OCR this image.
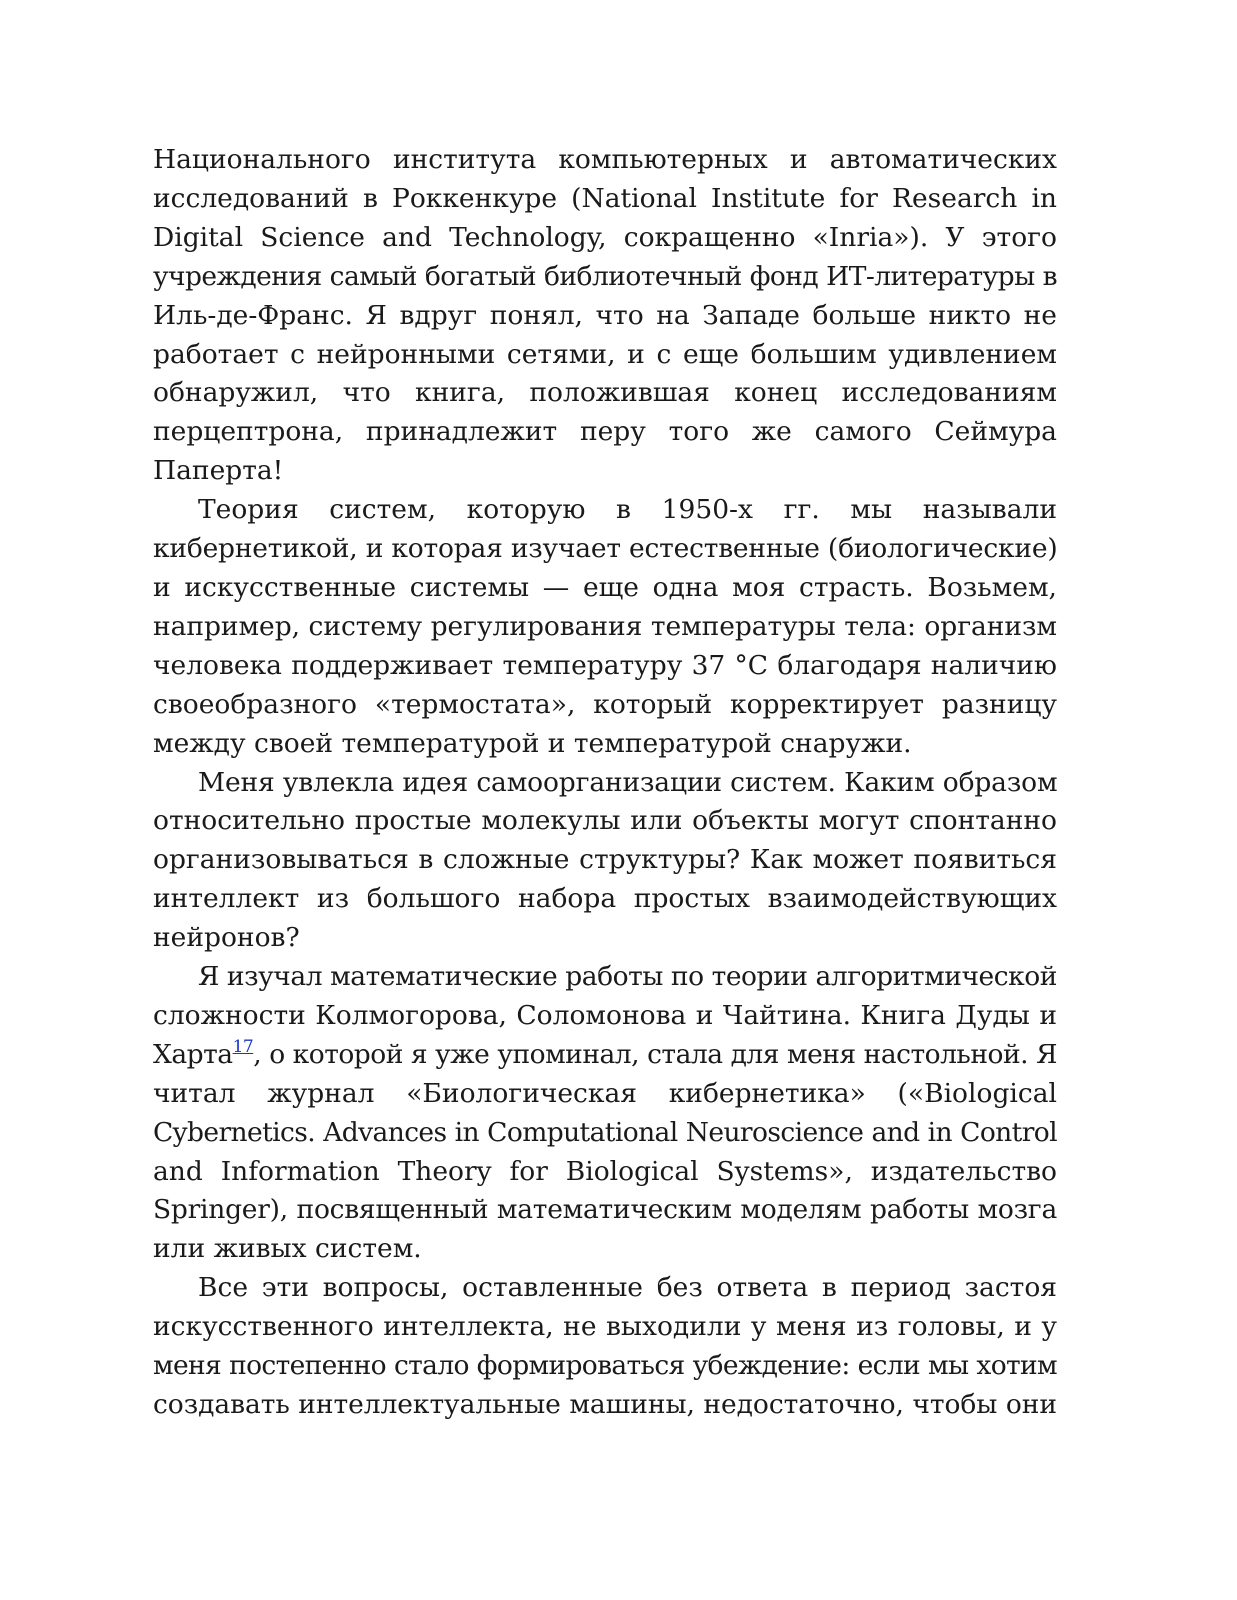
Национального института компьютерных и автоматических
исследований в Роккенкуре (National Institute for Research in
Digital Science and Technology, сокращенно «Inria»). У этого
учреждения самый богатый библиотечный фонд ИТ-литературы в
Иль-де-Франс. Я вдруг понял, что на Западе больше никто не
работает с нейронными сетями, и с еще большим удивлением
обнаружил, что книга, положившая конец исследованиям
перцептрона, принадлежит перу того же самого Сеймура
Паперта!

Теория систем, которую в 1950-х гг. мы называли
кибернетикой, и которая изучает естественные (биологические)
и искусственные системы — еще одна моя страсть. Возьмем,
например, систему регулирования температуры тела: организм
человека поддерживает температуру 37 °C благодаря наличию
своеобразного «термостата», который корректирует разницу
между своей температурой и температурой снаружи.

Меня увлекла идея самоорганизации систем. Каким образом
относительно простые молекулы или объекты могут спонтанно
организовываться в сложные структуры? Как может появиться
интеллект из большого набора простых взаимодействующих
нейронов?

Я изучал математические работы по теории алгоритмической
сложности Колмогорова, Соломонова и Чайтина. Книга Дуды и
Харта$^{17}$, о которой я уже упоминал, стала для меня настольной. Я
читал журнал «Биологическая кибернетика» («Biological
Cybernetics. Advances in Computational Neuroscience and in Control
and Information Theory for Biological Systems», издательство
Springer), посвященный математическим моделям работы мозга
или живых систем.

Все эти вопросы, оставленные без ответа в период застоя
искусственного интеллекта, не выходили у меня из головы, и у
меня постепенно стало формироваться убеждение: если мы хотим
создавать интеллектуальные машины, недостаточно, чтобы они
